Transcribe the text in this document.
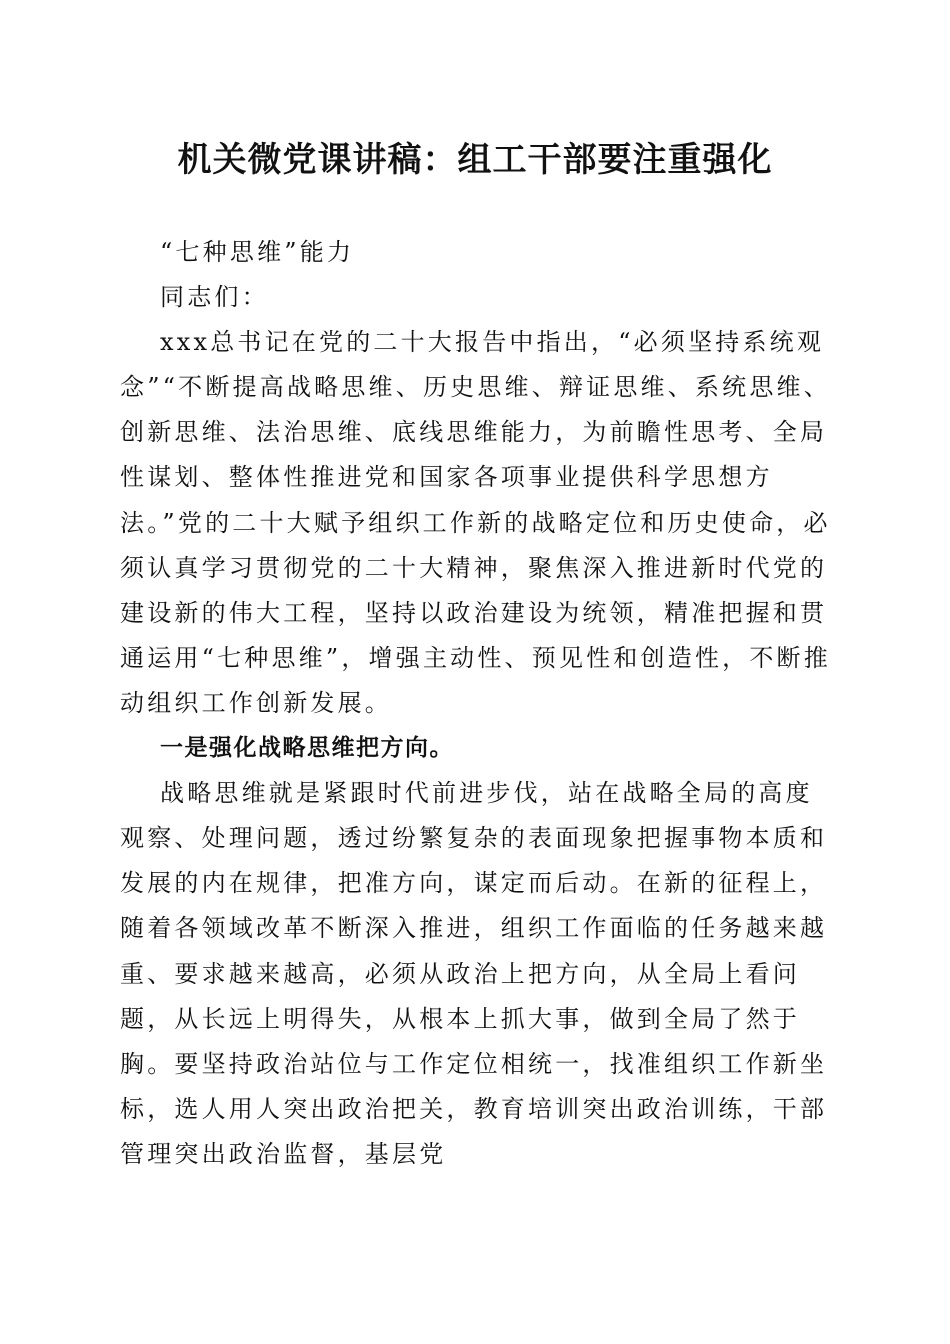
机关微党课讲稿：组工干部要注重强化

“七种思维”能力

同志们：

xxx总书记在党的二十大报告中指出，“必须坚持系统观念”“不断提高战略思维、历史思维、辩证思维、系统思维、创新思维、法治思维、底线思维能力，为前瞻性思考、全局性谋划、整体性推进党和国家各项事业提供科学思想方法。”党的二十大赋予组织工作新的战略定位和历史使命，必须认真学习贯彻党的二十大精神，聚焦深入推进新时代党的建设新的伟大工程，坚持以政治建设为统领，精准把握和贯通运用“七种思维”，增强主动性、预见性和创造性，不断推动组织工作创新发展。

一是强化战略思维把方向。

战略思维就是紧跟时代前进步伐，站在战略全局的高度观察、处理问题，透过纷繁复杂的表面现象把握事物本质和发展的内在规律，把准方向，谋定而后动。在新的征程上，随着各领域改革不断深入推进，组织工作面临的任务越来越重、要求越来越高，必须从政治上把方向，从全局上看问题，从长远上明得失，从根本上抓大事，做到全局了然于胸。要坚持政治站位与工作定位相统一，找准组织工作新坐标，选人用人突出政治把关，教育培训突出政治训练，干部管理突出政治监督，基层党
